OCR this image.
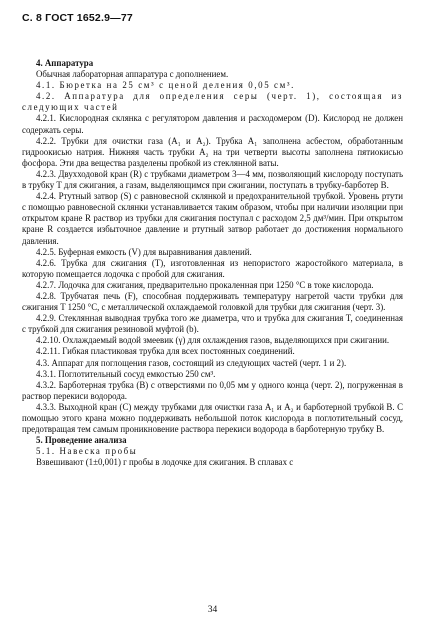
С. 8 ГОСТ 1652.9—77

4. Аппаратура

Обычная лабораторная аппаратура с дополнением.

4.1. Бюретка на 25 см³ с ценой деления 0,05 см³.

4.2. Аппаратура для определения серы (черт. 1), состоящая из следующих частей

4.2.1. Кислородная склянка с регулятором давления и расходомером (D). Кислород не должен содержать серы.

4.2.2. Трубки для очистки газа (A₁ и A₂). Трубка A₁ заполнена асбестом, обработанным гидроокисью натрия. Нижняя часть трубки A₂ на три четверти высоты заполнена пятиокисью фосфора. Эти два вещества разделены пробкой из стеклянной ваты.

4.2.3. Двухходовой кран (R) с трубками диаметром 3—4 мм, позволяющий кислороду поступать в трубку T для сжигания, а газам, выделяющимся при сжигании, поступать в трубку-барботер B.

4.2.4. Ртутный затвор (S) с равновесной склянкой и предохранительной трубкой. Уровень ртути с помощью равновесной склянки устанавливается таким образом, чтобы при наличии изоляции при открытом кране R раствор из трубки для сжигания поступал с расходом 2,5 дм³/мин. При открытом кране R создается избыточное давление и ртутный затвор работает до достижения нормального давления.

4.2.5. Буферная емкость (V) для выравнивания давлений.

4.2.6. Трубка для сжигания (T), изготовленная из непористого жаростойкого материала, в которую помещается лодочка с пробой для сжигания.

4.2.7. Лодочка для сжигания, предварительно прокаленная при 1250 °С в токе кислорода.

4.2.8. Трубчатая печь (F), способная поддерживать температуру нагретой части трубки для сжигания T 1250 °С, с металлической охлаждаемой головкой для трубки для сжигания (черт. 3).

4.2.9. Стеклянная выводная трубка того же диаметра, что и трубка для сжигания T, соединенная с трубкой для сжигания резиновой муфтой (b).

4.2.10. Охлаждаемый водой змеевик (γ) для охлаждения газов, выделяющихся при сжигании.

4.2.11. Гибкая пластиковая трубка для всех постоянных соединений.

4.3. Аппарат для поглощения газов, состоящий из следующих частей (черт. 1 и 2).

4.3.1. Поглотительный сосуд емкостью 250 см³.

4.3.2. Барботерная трубка (B) с отверстиями по 0,05 мм у одного конца (черт. 2), погруженная в раствор перекиси водорода.

4.3.3. Выходной кран (C) между трубками для очистки газа A₁ и A₂ и барботерной трубкой B. С помощью этого крана можно поддерживать небольшой поток кислорода в поглотительный сосуд, предотвращая тем самым проникновение раствора перекиси водорода в барботерную трубку B.

5. Проведение анализа

5.1. Навеска пробы

Взвешивают (1±0,001) г пробы в лодочке для сжигания. В сплавах с

34
